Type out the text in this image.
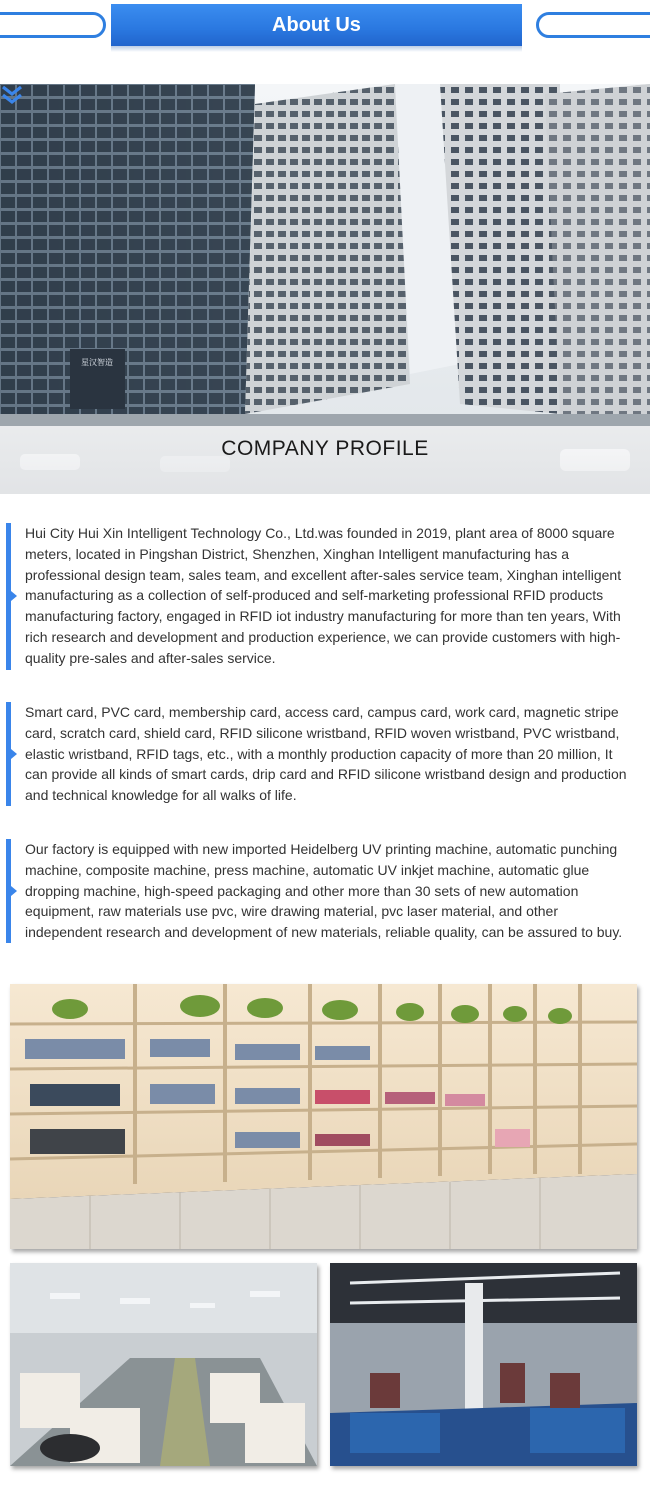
About Us
星汉智造
COMPANY PROFILE
Hui City Hui Xin Intelligent Technology Co., Ltd.was founded in 2019, plant area of 8000 square meters, located in Pingshan District, Shenzhen, Xinghan Intelligent manufacturing has a professional design team, sales team, and excellent after-sales service team, Xinghan intelligent manufacturing as a collection of self-produced and self-marketing professional RFID products manufacturing factory, engaged in RFID iot industry manufacturing for more than ten years, With rich research and development and production experience, we can provide customers with high-quality pre-sales and after-sales service.
Smart card, PVC card, membership card, access card, campus card, work card, magnetic stripe card, scratch card, shield card, RFID silicone wristband, RFID woven wristband, PVC wristband, elastic wristband, RFID tags, etc., with a monthly production capacity of more than 20 million, It can provide all kinds of smart cards, drip card and RFID silicone wristband design and production and technical knowledge for all walks of life.
Our factory is equipped with new imported Heidelberg UV printing machine, automatic punching machine, composite machine, press machine, automatic UV inkjet machine, automatic glue dropping machine, high-speed packaging and other more than 30 sets of new automation equipment, raw materials use pvc, wire drawing material, pvc laser material, and other independent research and development of new materials, reliable quality, can be assured to buy.
